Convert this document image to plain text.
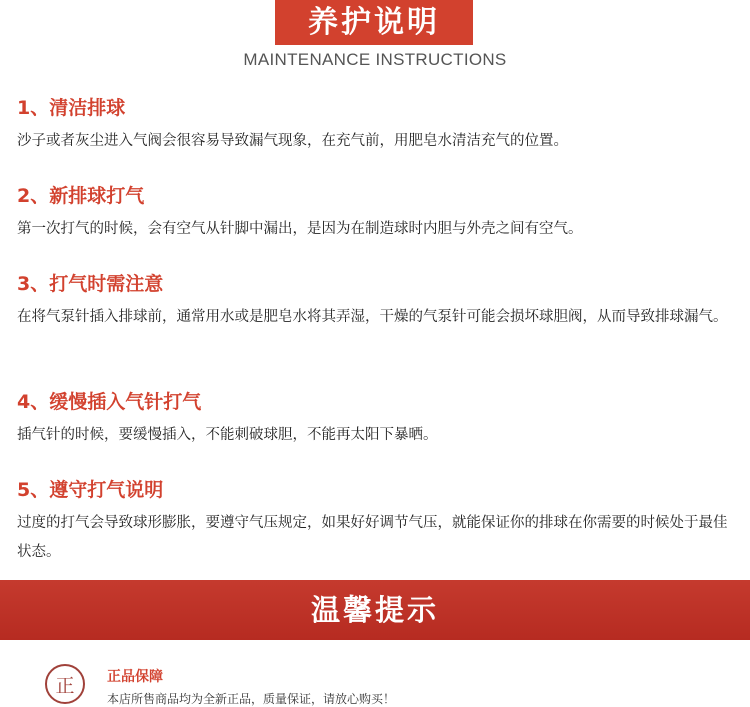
养护说明
MAINTENANCE INSTRUCTIONS
1、清洁排球
沙子或者灰尘进入气阀会很容易导致漏气现象，在充气前，用肥皂水清洁充气的位置。
2、新排球打气
第一次打气的时候，会有空气从针脚中漏出，是因为在制造球时内胆与外壳之间有空气。
3、打气时需注意
在将气泵针插入排球前，通常用水或是肥皂水将其弄湿，干燥的气泵针可能会损坏球胆阀，从而导致排球漏气。
4、缓慢插入气针打气
插气针的时候，要缓慢插入，不能刺破球胆，不能再太阳下暴晒。
5、遵守打气说明
过度的打气会导致球形膨胀，要遵守气压规定，如果好好调节气压，就能保证你的排球在你需要的时候处于最佳状态。
温馨提示
正	正品保障
本店所售商品均为全新正品，质量保证，请放心购买！
